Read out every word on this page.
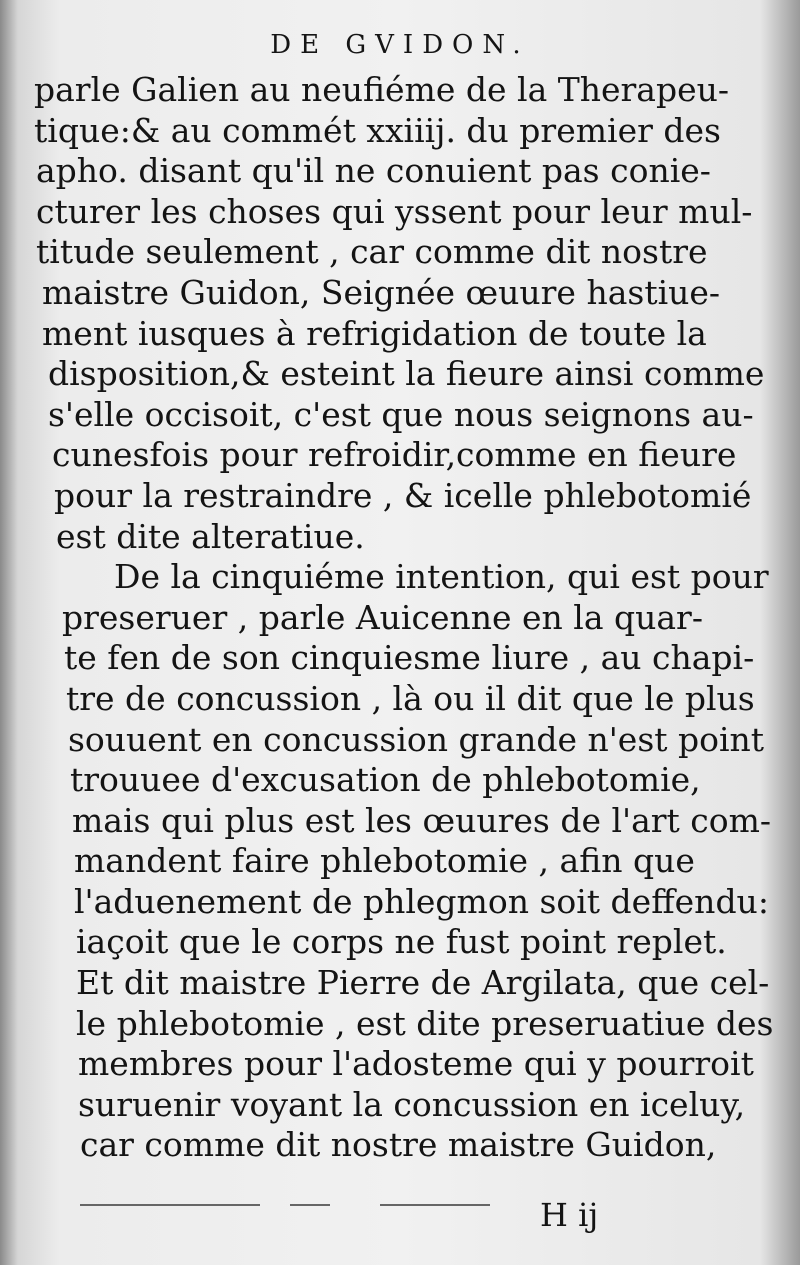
DE GVIDON.
parle Galien au neufiéme de la Therapeu-
tique:& au commét xxiiij. du premier des
apho. disant qu'il ne conuient pas conie-
cturer les choses qui yssent pour leur mul-
titude seulement , car comme dit nostre
maistre Guidon, Seignée œuure hastiue-
ment iusques à refrigidation de toute la
disposition,& esteint la fieure ainsi comme
s'elle occisoit, c'est que nous seignons au-
cunesfois pour refroidir,comme en fieure
pour la restraindre , & icelle phlebotomié
est dite alteratiue.
De la cinquiéme intention, qui est pour
preseruer , parle Auicenne en la quar-
te fen de son cinquiesme liure , au chapi-
tre de concussion , là ou il dit que le plus
souuent en concussion grande n'est point
trouuee d'excusation de phlebotomie,
mais qui plus est les œuures de l'art com-
mandent faire phlebotomie , afin que
l'aduenement de phlegmon soit deffendu:
iaçoit que le corps ne fust point replet.
Et dit maistre Pierre de Argilata, que cel-
le phlebotomie , est dite preseruatiue des
membres pour l'adosteme qui y pourroit
suruenir voyant la concussion en iceluy,
car comme dit nostre maistre Guidon,
H ij
